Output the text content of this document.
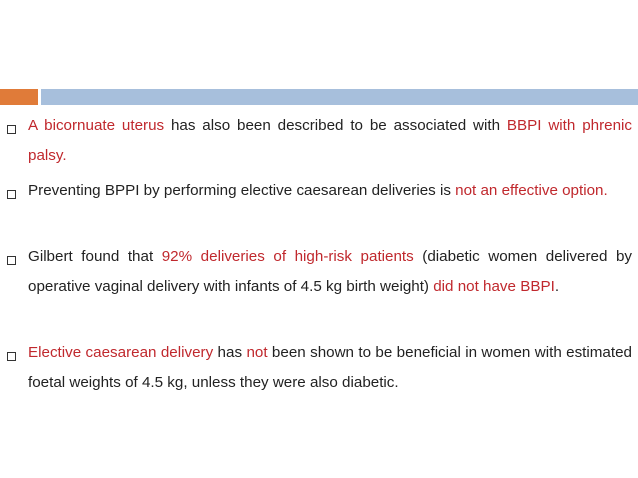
A bicornuate uterus has also been described to be associated with BBPI with phrenic palsy.
Preventing BPPI by performing elective caesarean deliveries is not an effective option.
Gilbert found that 92% deliveries of high-risk patients (diabetic women delivered by operative vaginal delivery with infants of 4.5 kg birth weight) did not have BBPI.
Elective caesarean delivery has not been shown to be beneficial in women with estimated foetal weights of 4.5 kg, unless they were also diabetic.
